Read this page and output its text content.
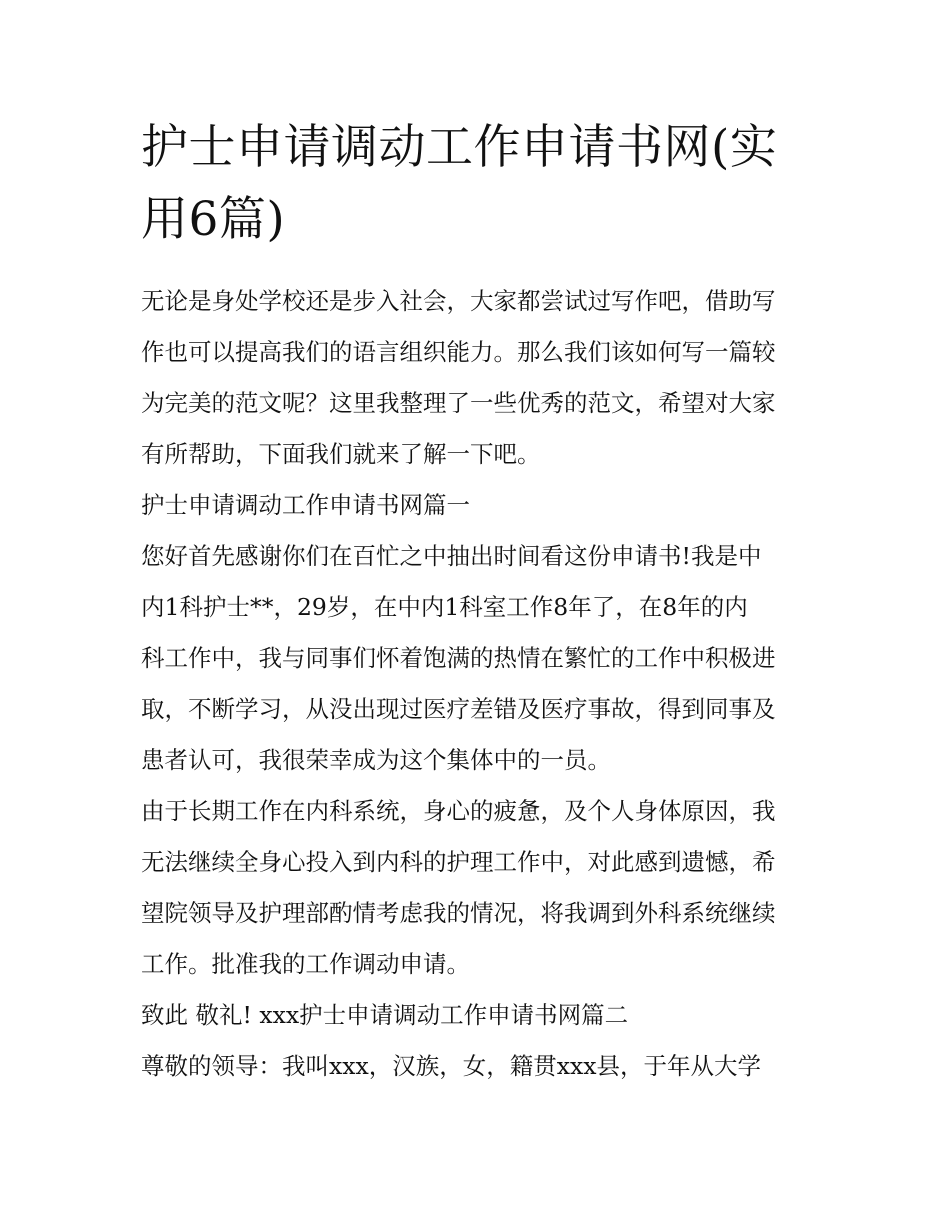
护士申请调动工作申请书网(实
用6篇)

无论是身处学校还是步入社会，大家都尝试过写作吧，借助写

作也可以提高我们的语言组织能力。那么我们该如何写一篇较

为完美的范文呢？这里我整理了一些优秀的范文，希望对大家

有所帮助，下面我们就来了解一下吧。

护士申请调动工作申请书网篇一

您好首先感谢你们在百忙之中抽出时间看这份申请书!我是中

内1科护士**，29岁，在中内1科室工作8年了，在8年的内

科工作中，我与同事们怀着饱满的热情在繁忙的工作中积极进

取，不断学习，从没出现过医疗差错及医疗事故，得到同事及

患者认可，我很荣幸成为这个集体中的一员。

由于长期工作在内科系统，身心的疲惫，及个人身体原因，我

无法继续全身心投入到内科的护理工作中，对此感到遗憾，希

望院领导及护理部酌情考虑我的情况，将我调到外科系统继续

工作。批准我的工作调动申请。

致此 敬礼! xxx护士申请调动工作申请书网篇二

尊敬的领导：我叫xxx，汉族，女，籍贯xxx县，于年从大学
